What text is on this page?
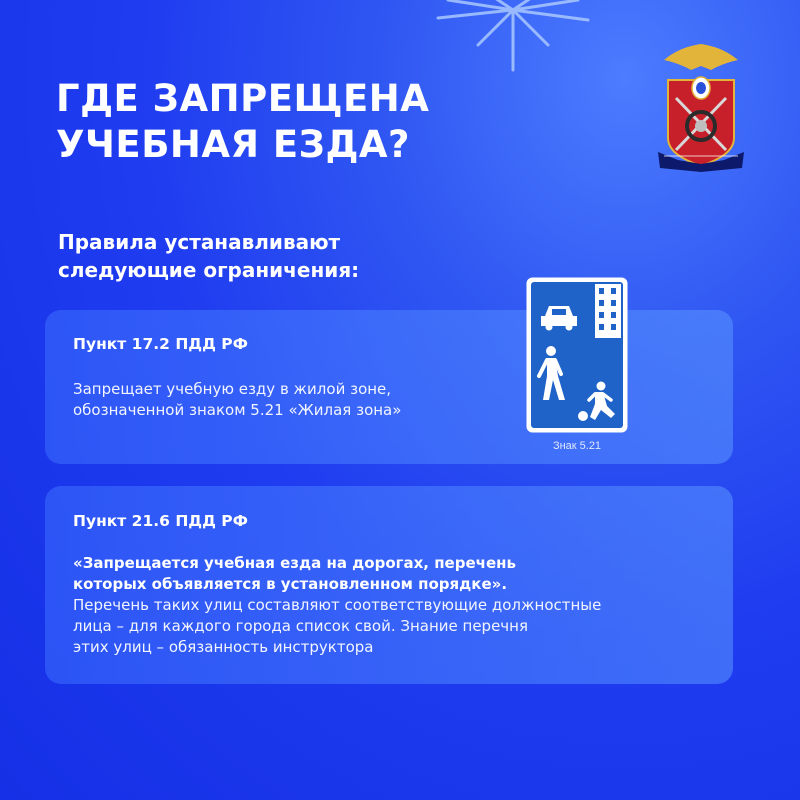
ГДЕ ЗАПРЕЩЕНА
УЧЕБНАЯ ЕЗДА?
Правила устанавливают
следующие ограничения:
Пункт 17.2 ПДД РФ
Запрещает учебную езду в жилой зоне,
обозначенной знаком 5.21 «Жилая зона»
Знак 5.21
Пункт 21.6 ПДД РФ
«Запрещается учебная езда на дорогах, перечень
которых объявляется в установленном порядке».
Перечень таких улиц составляют соответствующие должностные
лица – для каждого города список свой. Знание перечня
этих улиц – обязанность инструктора
